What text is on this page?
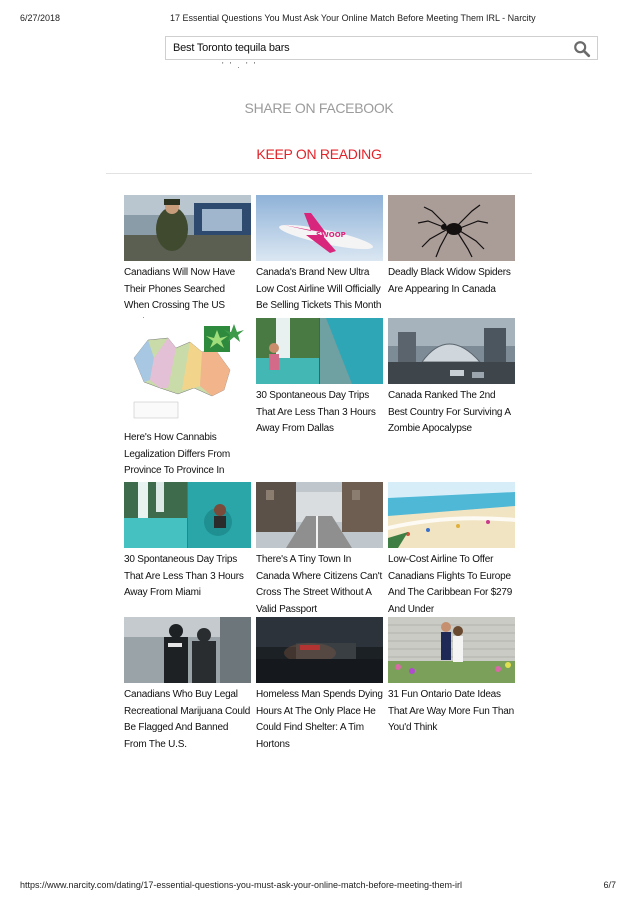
6/27/2018	17 Essential Questions You Must Ask Your Online Match Before Meeting Them IRL - Narcity
Best Toronto tequila bars
' ' . ' '
SHARE ON FACEBOOK
KEEP ON READING
Canadians Will Now Have Their Phones Searched When Crossing The US
SWOOP
Canada's Brand New Ultra Low Cost Airline Will Officially Be Selling Tickets This Month
Deadly Black Widow Spiders Are Appearing In Canada
Here's How Cannabis Legalization Differs From Province To Province In
30 Spontaneous Day Trips That Are Less Than 3 Hours Away From Dallas
Canada Ranked The 2nd Best Country For Surviving A Zombie Apocalypse
30 Spontaneous Day Trips That Are Less Than 3 Hours Away From Miami
There's A Tiny Town In Canada Where Citizens Can't Cross The Street Without A Valid Passport
Low-Cost Airline To Offer Canadians Flights To Europe And The Caribbean For $279 And Under
Canadians Who Buy Legal Recreational Marijuana Could Be Flagged And Banned From The U.S.
Homeless Man Spends Dying Hours At The Only Place He Could Find Shelter: A Tim Hortons
31 Fun Ontario Date Ideas That Are Way More Fun Than You'd Think
https://www.narcity.com/dating/17-essential-questions-you-must-ask-your-online-match-before-meeting-them-irl	6/7
